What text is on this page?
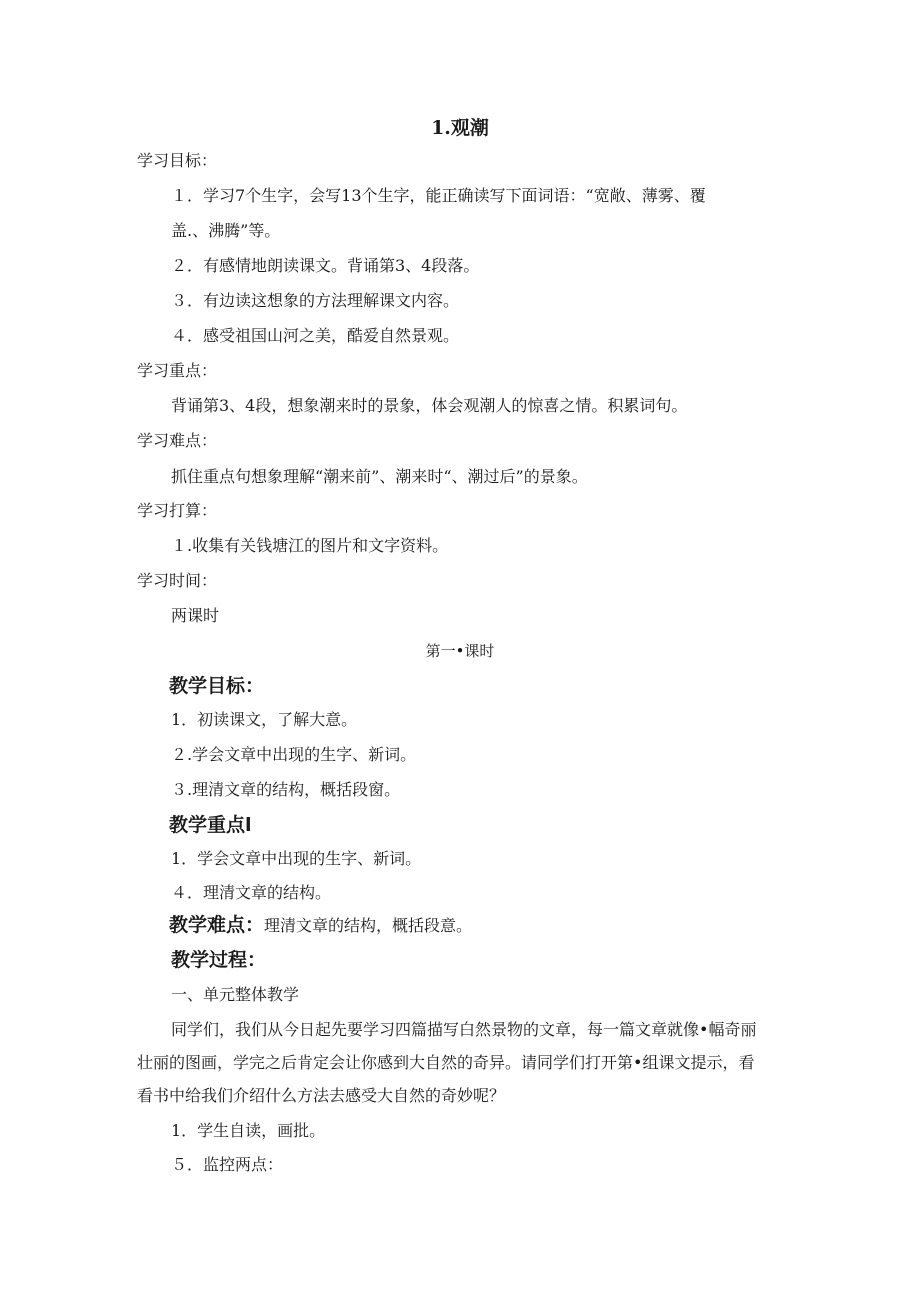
1.观潮
学习目标：
１．学习7个生字，会写13个生字，能正确读写下面词语：“宽敞、薄雾、覆
盖.、沸腾”等。
２．有感情地朗读课文。背诵第3、4段落。
３．有边读这想象的方法理解课文内容。
４．感受祖国山河之美，酷爱自然景观。
学习重点：
背诵第3、4段，想象潮来时的景象，体会观潮人的惊喜之情。积累词句。
学习难点：
抓住重点句想象理解“潮来前”、潮来时“、潮过后”的景象。
学习打算：
１.收集有关钱塘江的图片和文字资料。
学习时间：
两课时
第一•课时
教学目标：
1．初读课文，了解大意。
２.学会文章中出现的生字、新词。
３.理清文章的结构，概括段窗。
教学重点l
1．学会文章中出现的生字、新词。
４．理清文章的结构。
教学难点：理清文章的结构，概括段意。
教学过程：
一、单元整体教学
同学们，我们从今日起先要学习四篇描写白然景物的文章，每一篇文章就像•幅奇丽
壮丽的图画，学完之后肯定会让你感到大自然的奇异。请同学们打开第•组课文提示，看
看书中给我们介绍什么方法去感受大自然的奇妙呢？
1．学生自读，画批。
５．监控两点：
